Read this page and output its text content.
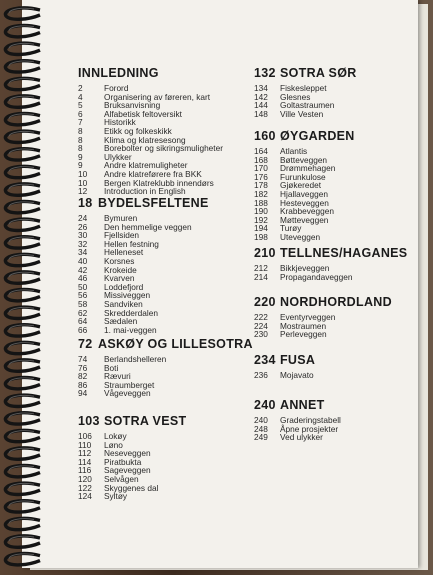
INNLEDNING
2	Forord
4	Organisering av føreren, kart
5	Bruksanvisning
6	Alfabetisk feltoversikt
7	Historikk
8	Etikk og folkeskikk
8	Klima og klatresesong
8	Borebolter og sikringsmuligheter
9	Ulykker
9	Andre klatremuligheter
10	Andre klatreførere fra BKK
10	Bergen Klatreklubb innendørs
12	Introduction in English
18 BYDELSFELTENE
24	Bymuren
26	Den hemmelige veggen
30	Fjellsiden
32	Hellen festning
34	Helleneset
40	Korsnes
42	Krokeide
46	Kvarven
50	Loddefjord
56	Missiveggen
58	Sandviken
62	Skredderdalen
64	Sædalen
66	1. mai-veggen
72 ASKØY OG LILLESOTRA
74	Berlandshelleren
76	Boti
82	Rævuri
86	Straumberget
94	Vågeveggen
103 SOTRA VEST
106	Lokøy
110	Løno
112	Neseveggen
114	Piratbukta
116	Sageveggen
120	Selvågen
122	Skyggenes dal
124	Syltøy
132 SOTRA SØR
134	Fiskesleppet
142	Glesnes
144	Goltastraumen
148	Ville Vesten
160 ØYGARDEN
164	Atlantis
168	Bøtteveggen
170	Drømmehagen
176	Furunkulose
178	Gjøkeredet
182	Hjallaveggen
188	Hesteveggen
190	Krabbeveggen
192	Møtteveggen
194	Turøy
198	Uteveggen
210 TELLNES/HAGANES
212	Bikkjeveggen
214	Propagandaveggen
220 NORDHORDLAND
222	Eventyrveggen
224	Mostraumen
230	Perleveggen
234 FUSA
236	Mojavato
240 ANNET
240	Graderingstabell
248	Åpne prosjekter
249	Ved ulykker
